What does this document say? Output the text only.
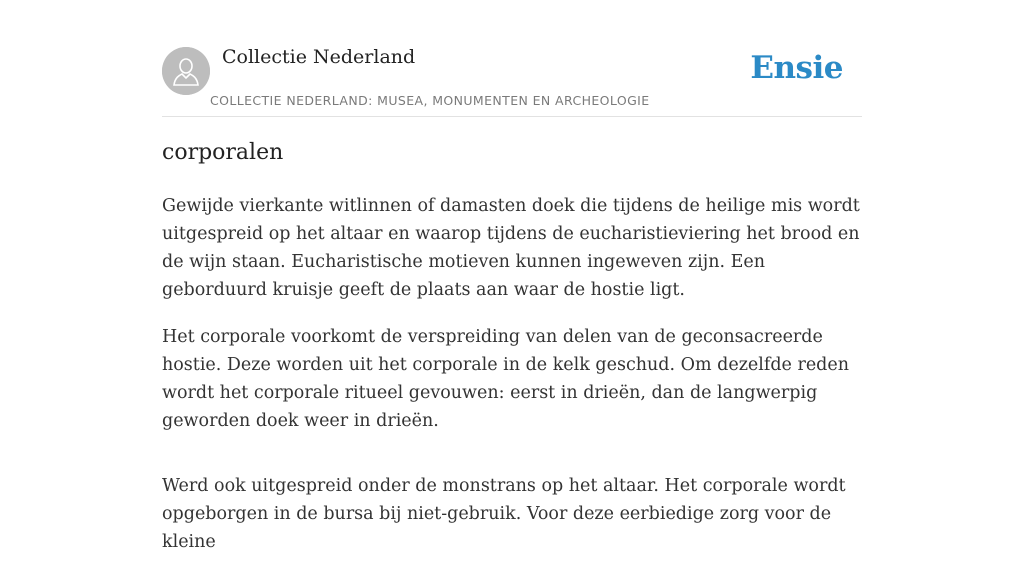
Collectie Nederland
COLLECTIE NEDERLAND: MUSEA, MONUMENTEN EN ARCHEOLOGIE
Ensie
corporalen

Gewijde vierkante witlinnen of damasten doek die tijdens de heilige mis wordt uitgespreid op het altaar en waarop tijdens de eucharistieviering het brood en de wijn staan. Eucharistische motieven kunnen ingeweven zijn. Een geborduurd kruisje geeft de plaats aan waar de hostie ligt.

Het corporale voorkomt de verspreiding van delen van de geconsacreerde hostie. Deze worden uit het corporale in de kelk geschud. Om dezelfde reden wordt het corporale ritueel gevouwen: eerst in drieën, dan de langwerpig geworden doek weer in drieën.

Werd ook uitgespreid onder de monstrans op het altaar. Het corporale wordt opgeborgen in de bursa bij niet-gebruik. Voor deze eerbiedige zorg voor de kleine
